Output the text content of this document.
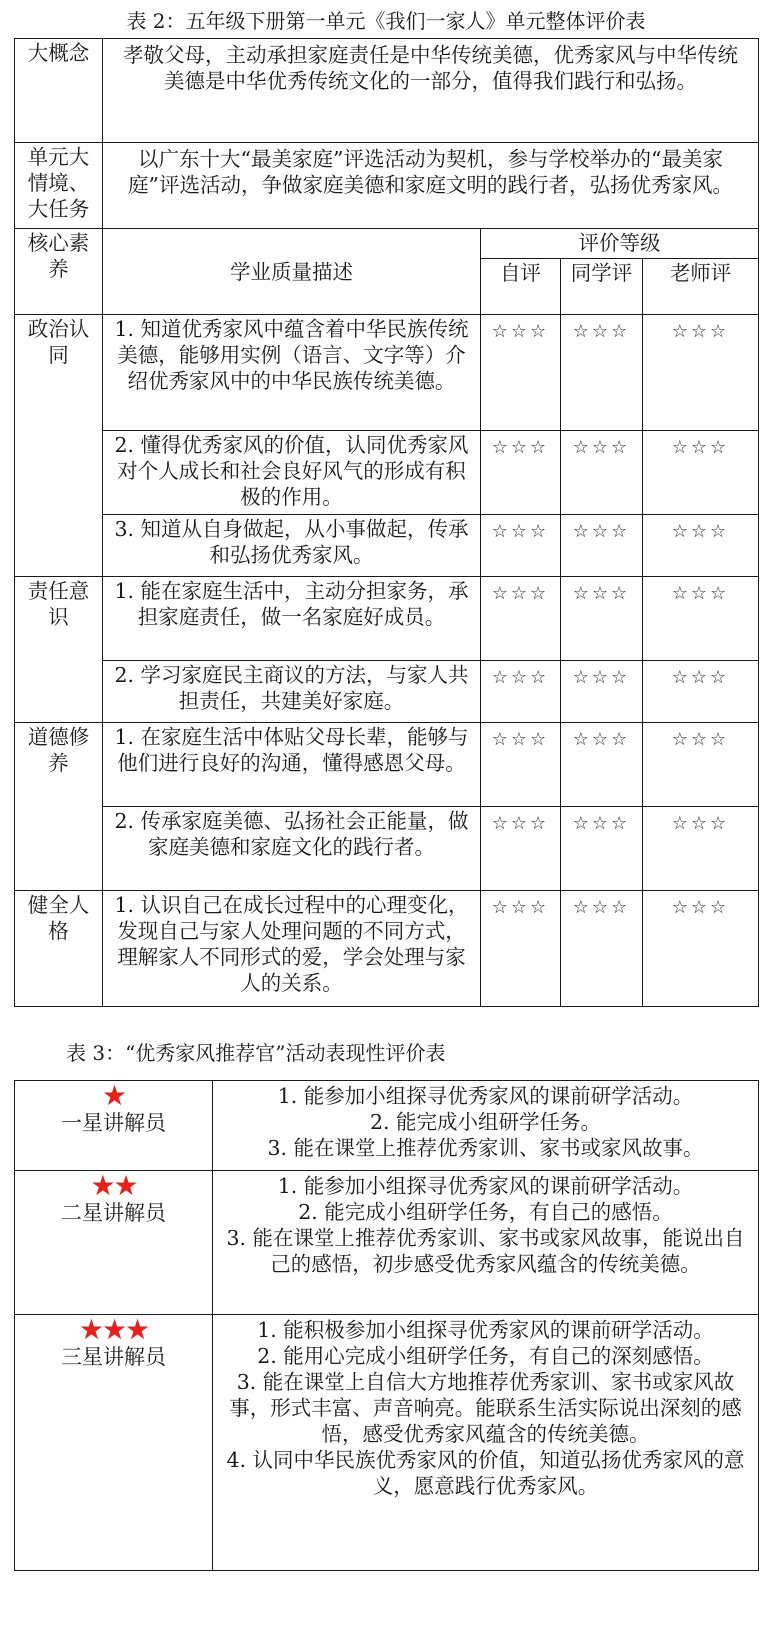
表 2：五年级下册第一单元《我们一家人》单元整体评价表
大概念	孝敬父母，主动承担家庭责任是中华传统美德，优秀家风与中华传统美德是中华优秀传统文化的一部分，值得我们践行和弘扬。			
单元大情境、大任务	以广东十大“最美家庭”评选活动为契机，参与学校举办的“最美家庭”评选活动，争做家庭美德和家庭文明的践行者，弘扬优秀家风。			
核心素养	学业质量描述	评价等级		
		自评	同学评	老师评
政治认同	1. 知道优秀家风中蕴含着中华民族传统美德，能够用实例（语言、文字等）介绍优秀家风中的中华民族传统美德。	☆☆☆	☆☆☆	☆☆☆
	2. 懂得优秀家风的价值，认同优秀家风对个人成长和社会良好风气的形成有积极的作用。	☆☆☆	☆☆☆	☆☆☆
	3. 知道从自身做起，从小事做起，传承和弘扬优秀家风。	☆☆☆	☆☆☆	☆☆☆
责任意识	1. 能在家庭生活中，主动分担家务，承担家庭责任，做一名家庭好成员。	☆☆☆	☆☆☆	☆☆☆
	2. 学习家庭民主商议的方法，与家人共担责任，共建美好家庭。	☆☆☆	☆☆☆	☆☆☆
道德修养	1. 在家庭生活中体贴父母长辈，能够与他们进行良好的沟通，懂得感恩父母。	☆☆☆	☆☆☆	☆☆☆
	2. 传承家庭美德、弘扬社会正能量，做家庭美德和家庭文化的践行者。	☆☆☆	☆☆☆	☆☆☆
健全人格	1. 认识自己在成长过程中的心理变化，发现自己与家人处理问题的不同方式，理解家人不同形式的爱，学会处理与家人的关系。	☆☆☆	☆☆☆	☆☆☆
表 3：“优秀家风推荐官”活动表现性评价表
★
一星讲解员	1. 能参加小组探寻优秀家风的课前研学活动。
2. 能完成小组研学任务。
3. 能在课堂上推荐优秀家训、家书或家风故事。

★★
二星讲解员	1. 能参加小组探寻优秀家风的课前研学活动。
2. 能完成小组研学任务，有自己的感悟。
3. 能在课堂上推荐优秀家训、家书或家风故事，能说出自己的感悟，初步感受优秀家风蕴含的传统美德。

★★★
三星讲解员	1. 能积极参加小组探寻优秀家风的课前研学活动。
2. 能用心完成小组研学任务，有自己的深刻感悟。
3. 能在课堂上自信大方地推荐优秀家训、家书或家风故事，形式丰富、声音响亮。能联系生活实际说出深刻的感悟，感受优秀家风蕴含的传统美德。
4. 认同中华民族优秀家风的价值，知道弘扬优秀家风的意义，愿意践行优秀家风。
